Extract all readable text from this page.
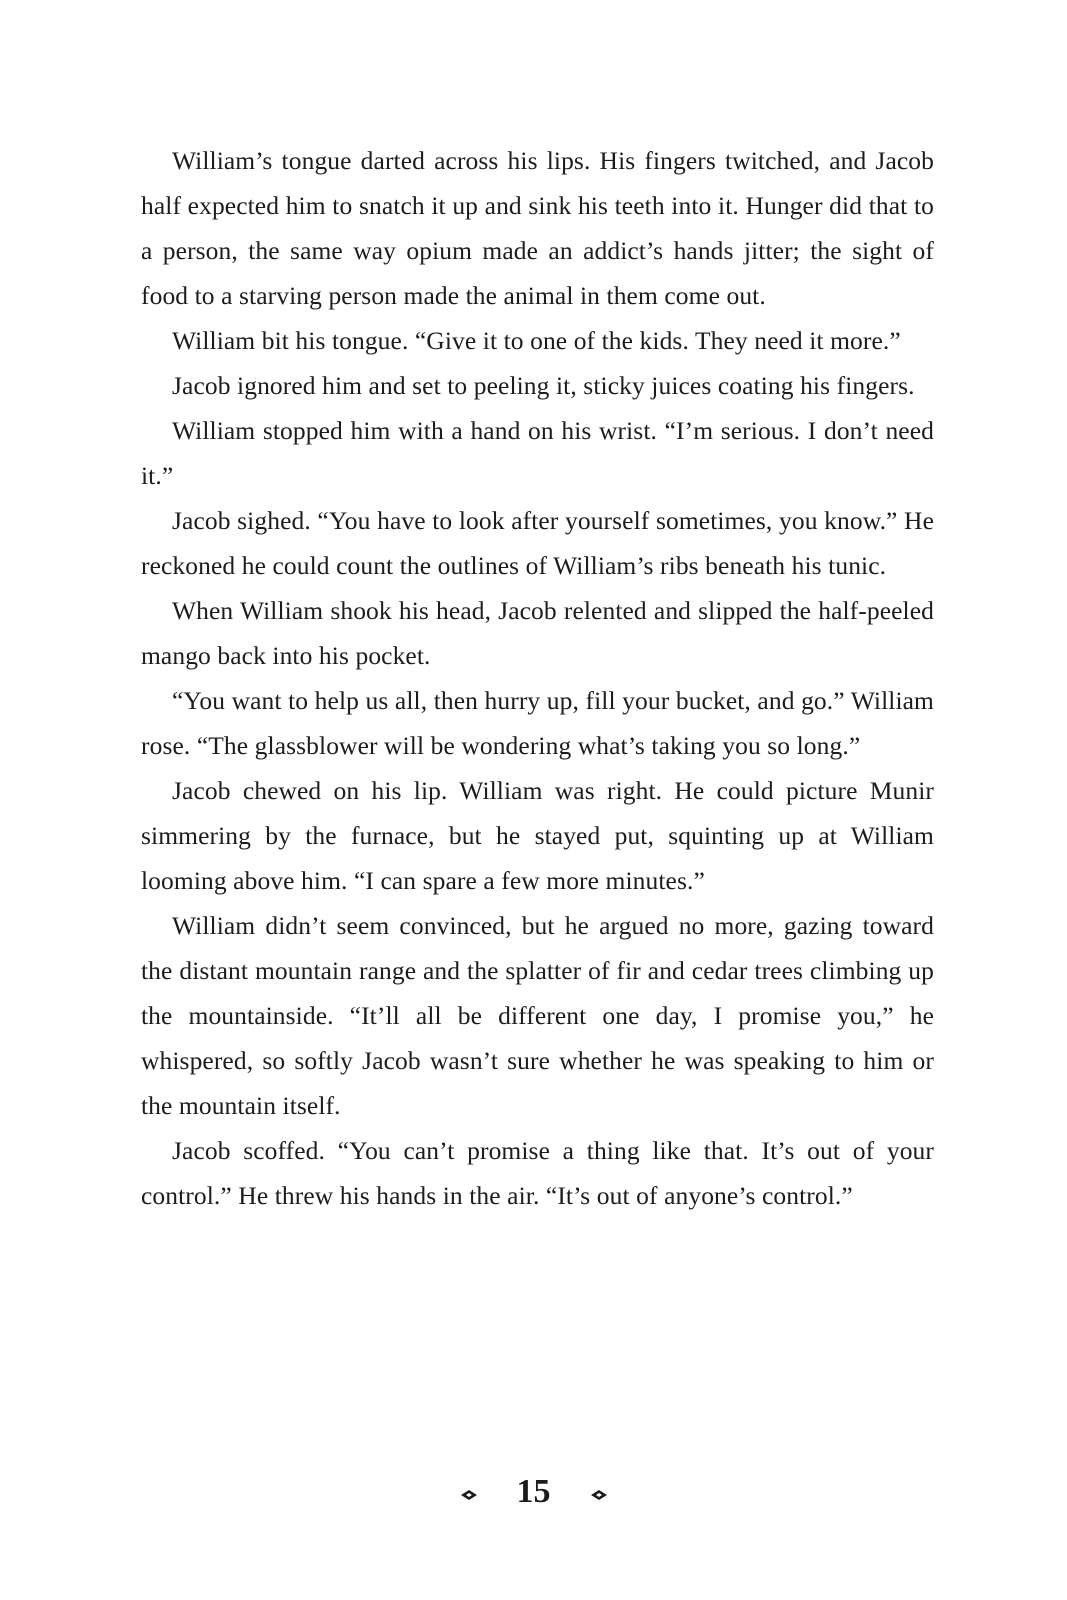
William’s tongue darted across his lips. His fingers twitched, and Jacob half expected him to snatch it up and sink his teeth into it. Hunger did that to a person, the same way opium made an addict’s hands jitter; the sight of food to a starving person made the animal in them come out.

William bit his tongue. “Give it to one of the kids. They need it more.”

Jacob ignored him and set to peeling it, sticky juices coating his fingers.

William stopped him with a hand on his wrist. “I’m serious. I don’t need it.”

Jacob sighed. “You have to look after yourself sometimes, you know.” He reckoned he could count the outlines of William’s ribs beneath his tunic.

When William shook his head, Jacob relented and slipped the half-peeled mango back into his pocket.

“You want to help us all, then hurry up, fill your bucket, and go.” William rose. “The glassblower will be wondering what’s taking you so long.”

Jacob chewed on his lip. William was right. He could picture Munir simmering by the furnace, but he stayed put, squinting up at William looming above him. “I can spare a few more minutes.”

William didn’t seem convinced, but he argued no more, gazing toward the distant mountain range and the splatter of fir and cedar trees climbing up the mountainside. “It’ll all be different one day, I promise you,” he whispered, so softly Jacob wasn’t sure whether he was speaking to him or the mountain itself.

Jacob scoffed. “You can’t promise a thing like that. It’s out of your control.” He threw his hands in the air. “It’s out of anyone’s control.”

15
